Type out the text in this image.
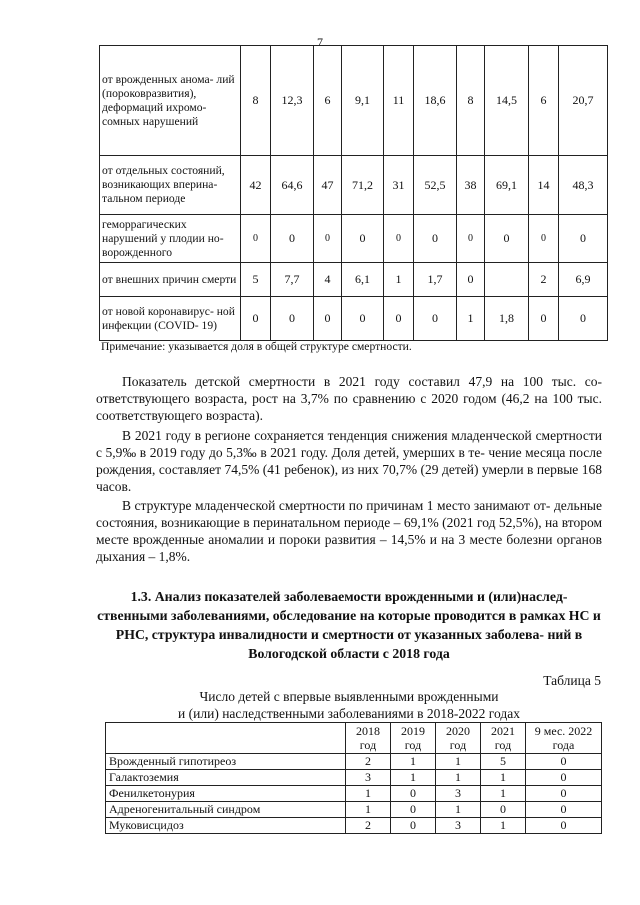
7
от врожденных анома- лий (пороковразвития), деформаций ихромо- сомных нарушений	8	12,3	6	9,1	11	18,6	8	14,5	6	20,7
от отдельных состояний, возникающих вперина- тальном периоде	42	64,6	47	71,2	31	52,5	38	69,1	14	48,3
геморрагических нарушений у плодии но- ворожденного	0	0	0	0	0	0	0	0	0	0
от внешних причин смерти	5	7,7	4	6,1	1	1,7	0		2	6,9
от новой коронавирус- ной инфекции (COVID- 19)	0	0	0	0	0	0	1	1,8	0	0
Примечание: указывается доля в общей структуре смертности.

Показатель детской смертности в 2021 году составил 47,9 на 100 тыс. со- ответствующего возраста, рост на 3,7% по сравнению с 2020 годом (46,2 на 100 тыс. соответствующего возраста).

В 2021 году в регионе сохраняется тенденция снижения младенческой смертности с 5,9‰ в 2019 году до 5,3‰ в 2021 году. Доля детей, умерших в те- чение месяца после рождения, составляет 74,5% (41 ребенок), из них 70,7% (29 детей) умерли в первые 168 часов.

В структуре младенческой смертности по причинам 1 место занимают от- дельные состояния, возникающие в перинатальном периоде – 69,1% (2021 год 52,5%), на втором месте врожденные аномалии и пороки развития – 14,5% и на 3 месте болезни органов дыхания – 1,8%.

1.3. Анализ показателей заболеваемости врожденными и (или)наслед- ственными заболеваниями, обследование на которые проводится в рамках НС и РНС, структура инвалидности и смертности от указанных заболева- ний в Вологодской области с 2018 года

Таблица 5
Число детей с впервые выявленными врожденными
и (или) наследственными заболеваниями в 2018-2022 годах
	2018 год	2019 год	2020 год	2021 год	9 мес. 2022 года
Врожденный гипотиреоз	2	1	1	5	0
Галактоземия	3	1	1	1	0
Фенилкетонурия	1	0	3	1	0
Адреногенитальный синдром	1	0	1	0	0
Муковисцидоз	2	0	3	1	0
